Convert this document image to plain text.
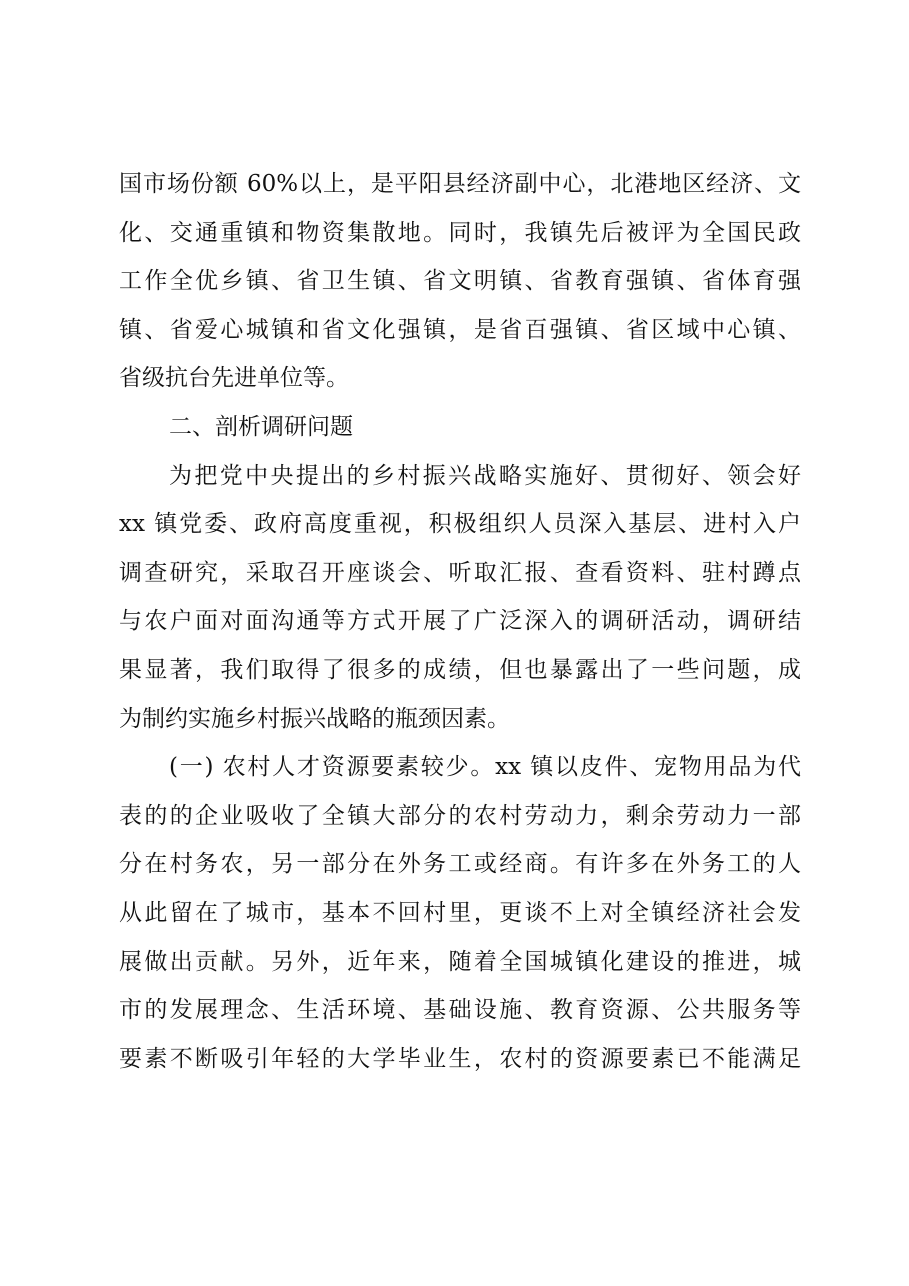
国市场份额 60%以上，是平阳县经济副中心，北港地区经济、文
化、交通重镇和物资集散地。同时，我镇先后被评为全国民政
工作全优乡镇、省卫生镇、省文明镇、省教育强镇、省体育强
镇、省爱心城镇和省文化强镇，是省百强镇、省区域中心镇、
省级抗台先进单位等。
二、剖析调研问题
为把党中央提出的乡村振兴战略实施好、贯彻好、领会好
xx 镇党委、政府高度重视，积极组织人员深入基层、进村入户
调查研究，采取召开座谈会、听取汇报、查看资料、驻村蹲点
与农户面对面沟通等方式开展了广泛深入的调研活动，调研结
果显著，我们取得了很多的成绩，但也暴露出了一些问题，成
为制约实施乡村振兴战略的瓶颈因素。
(一) 农村人才资源要素较少。xx 镇以皮件、宠物用品为代
表的的企业吸收了全镇大部分的农村劳动力，剩余劳动力一部
分在村务农，另一部分在外务工或经商。有许多在外务工的人
从此留在了城市，基本不回村里，更谈不上对全镇经济社会发
展做出贡献。另外，近年来，随着全国城镇化建设的推进，城
市的发展理念、生活环境、基础设施、教育资源、公共服务等
要素不断吸引年轻的大学毕业生，农村的资源要素已不能满足
